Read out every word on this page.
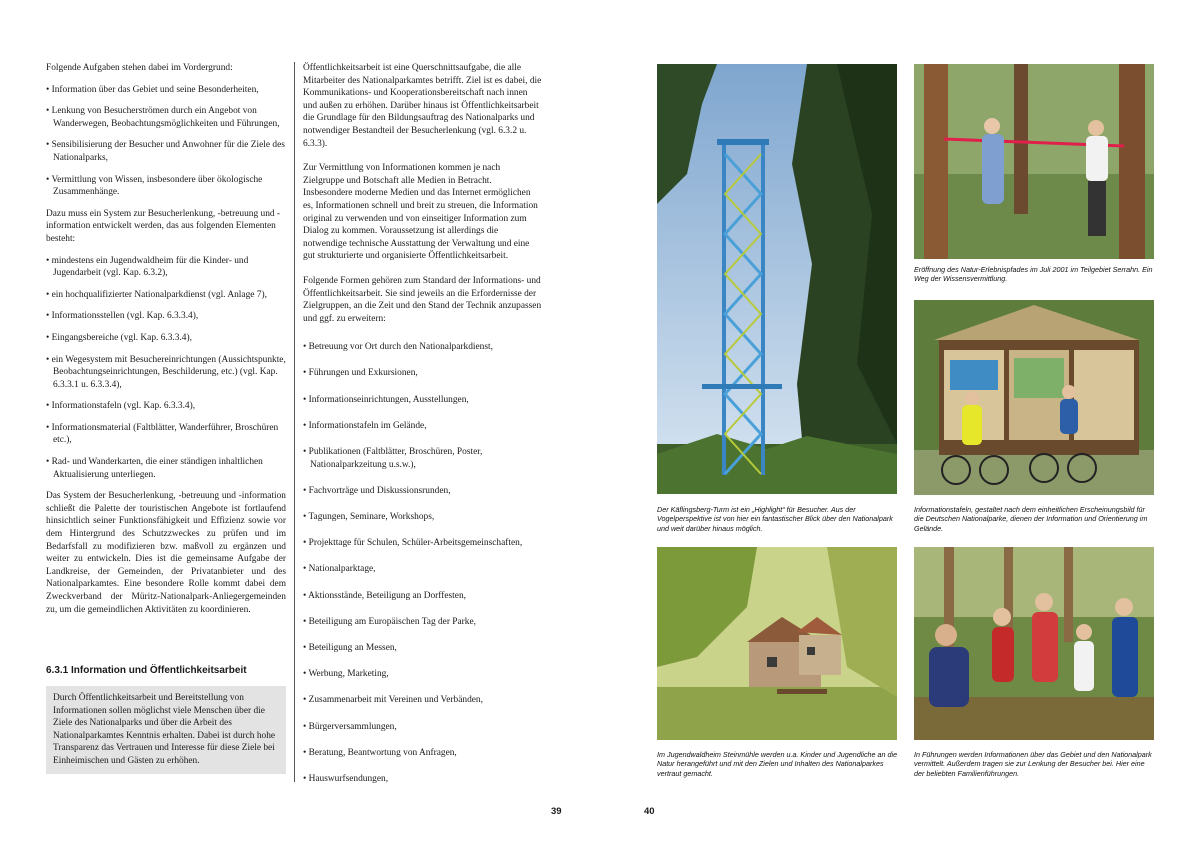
Folgende Aufgaben stehen dabei im Vordergrund:

• Information über das Gebiet und seine Besonderheiten,
• Lenkung von Besucherströmen durch ein Angebot von Wanderwegen, Beobachtungsmöglichkeiten und Führungen,
• Sensibilisierung der Besucher und Anwohner für die Ziele des Nationalparks,
• Vermittlung von Wissen, insbesondere über ökologische Zusammenhänge.

Dazu muss ein System zur Besucherlenkung, -betreuung und -information entwickelt werden, das aus folgenden Elementen besteht:

• mindestens ein Jugendwaldheim für die Kinder- und Jugendarbeit (vgl. Kap. 6.3.2),
• ein hochqualifizierter Nationalparkdienst (vgl. Anlage 7),
• Informationsstellen (vgl. Kap. 6.3.3.4),
• Eingangsbereiche (vgl. Kap. 6.3.3.4),
• ein Wegesystem mit Besuchereinrichtungen (Aussichtspunkte, Beobachtungseinrichtungen, Beschilderung, etc.) (vgl. Kap. 6.3.3.1 u. 6.3.3.4),
• Informationstafeln (vgl. Kap. 6.3.3.4),
• Informationsmaterial (Faltblätter, Wanderführer, Broschüren etc.),
• Rad- und Wanderkarten, die einer ständigen inhaltlichen Aktualisierung unterliegen.

Das System der Besucherlenkung, -betreuung und -information schließt die Palette der touristischen Angebote ist fortlaufend hinsichtlich seiner Funktionsfähigkeit und Effizienz sowie vor dem Hintergrund des Schutzzweckes zu prüfen und im Bedarfsfall zu modifizieren bzw. maßvoll zu ergänzen und weiter zu entwickeln. Dies ist die gemeinsame Aufgabe der Landkreise, der Gemeinden, der Privatanbieter und des Nationalparkamtes. Eine besondere Rolle kommt dabei dem Zweckverband der Müritz-Nationalpark-Anliegergemeinden zu, um die gemeindlichen Aktivitäten zu koordinieren.

6.3.1 Information und Öffentlichkeitsarbeit
Durch Öffentlichkeitsarbeit und Bereitstellung von Informationen sollen möglichst viele Menschen über die Ziele des Nationalparks und über die Arbeit des Nationalparkamtes Kenntnis erhalten. Dabei ist durch hohe Transparenz das Vertrauen und Interesse für diese Ziele bei Einheimischen und Gästen zu erhöhen.

Öffentlichkeitsarbeit ist eine Querschnittsaufgabe, die alle Mitarbeiter des Nationalparkamtes betrifft. Ziel ist es dabei, die Kommunikations- und Kooperationsbereitschaft nach innen und außen zu erhöhen. Darüber hinaus ist Öffentlichkeitsarbeit die Grundlage für den Bildungsauftrag des Nationalparks und notwendiger Bestandteil der Besucherlenkung (vgl. 6.3.2 u. 6.3.3).

Zur Vermittlung von Informationen kommen je nach Zielgruppe und Botschaft alle Medien in Betracht. Insbesondere moderne Medien und das Internet ermöglichen es, Informationen schnell und breit zu streuen, die Information original zu verwenden und von einseitiger Information zum Dialog zu kommen. Voraussetzung ist allerdings die notwendige technische Ausstattung der Verwaltung und eine gut strukturierte und organisierte Öffentlichkeitsarbeit.

Folgende Formen gehören zum Standard der Informations- und Öffentlichkeitsarbeit. Sie sind jeweils an die Erfordernisse der Zielgruppen, an die Zeit und den Stand der Technik anzupassen und ggf. zu erweitern:

• Betreuung vor Ort durch den Nationalparkdienst,
• Führungen und Exkursionen,
• Informationseinrichtungen, Ausstellungen,
• Informationstafeln im Gelände,
• Publikationen (Faltblätter, Broschüren, Poster, Nationalparkzeitung u.s.w.),
• Fachvorträge und Diskussionsrunden,
• Tagungen, Seminare, Workshops,
• Projekttage für Schulen, Schüler-Arbeitsgemeinschaften,
• Nationalparktage,
• Aktionsstände, Beteiligung an Dorffesten,
• Beteiligung am Europäischen Tag der Parke,
• Beteiligung an Messen,
• Werbung, Marketing,
• Zusammenarbeit mit Vereinen und Verbänden,
• Bürgerversammlungen,
• Beratung, Beantwortung von Anfragen,
• Hauswurfsendungen,
Der Käflingsberg-Turm ist ein „Highlight“ für Besucher. Aus der Vogelperspektive ist von hier ein fantastischer Blick über den Nationalpark und weit darüber hinaus möglich.
Eröffnung des Natur-Erlebnispfades im Juli 2001 im Teilgebiet Serrahn. Ein Weg der Wissensvermittlung.
Informationstafeln, gestaltet nach dem einheitlichen Erscheinungsbild für die Deutschen Nationalparke, dienen der Information und Orientierung im Gelände.
Im Jugendwaldheim Steinmühle werden u.a. Kinder und Jugendliche an die Natur herangeführt und mit den Zielen und Inhalten des Nationalparkes vertraut gemacht.
In Führungen werden Informationen über das Gebiet und den Nationalpark vermittelt. Außerdem tragen sie zur Lenkung der Besucher bei. Hier eine der beliebten Familienführungen.
39	40
